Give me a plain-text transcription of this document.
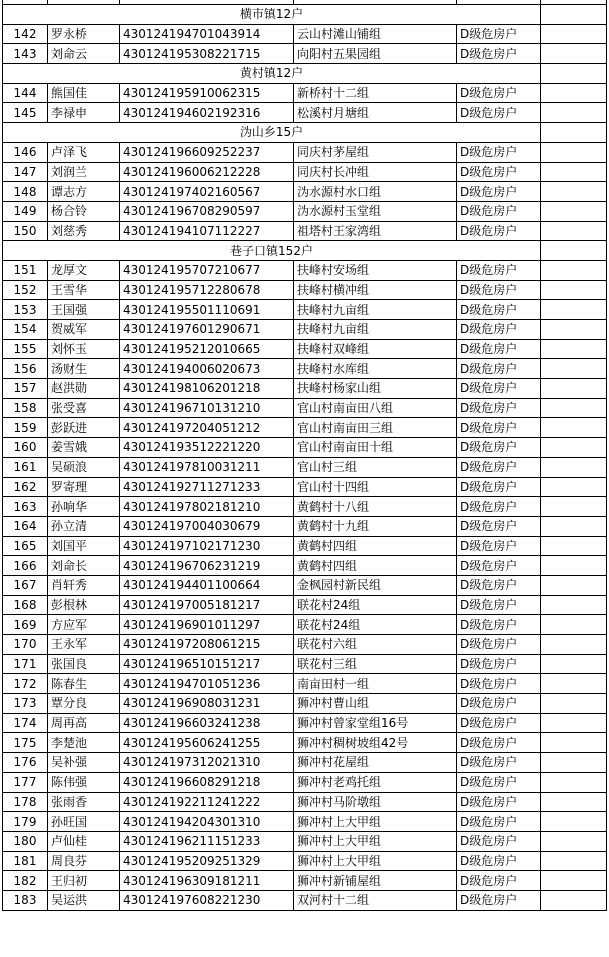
横市镇12户					
142	罗永桥	430124194701043914	云山村滩山铺组	D级危房户	
143	刘命云	430124195308221715	向阳村五果园组	D级危房户	
黄村镇12户					
144	熊国佳	430124195910062315	新桥村十二组	D级危房户	
145	李禄申	430124194602192316	松溪村月塘组	D级危房户	
沩山乡15户					
146	卢泽飞	430124196609252237	同庆村茅屋组	D级危房户	
147	刘润兰	430124196006212228	同庆村长冲组	D级危房户	
148	谭志方	430124197402160567	沩水源村水口组	D级危房户	
149	杨合铃	430124196708290597	沩水源村玉堂组	D级危房户	
150	刘慈秀	430124194107112227	祖塔村王家湾组	D级危房户	
巷子口镇152户					
151	龙厚文	430124195707210677	扶峰村安场组	D级危房户	
152	王雪华	430124195712280678	扶峰村横冲组	D级危房户	
153	王国强	430124195501110691	扶峰村九亩组	D级危房户	
154	贺威军	430124197601290671	扶峰村九亩组	D级危房户	
155	刘怀玉	430124195212010665	扶峰村双峰组	D级危房户	
156	汤财生	430124194006020673	扶峰村水库组	D级危房户	
157	赵洪勋	430124198106201218	扶峰村杨家山组	D级危房户	
158	张受喜	430124196710131210	官山村南亩田八组	D级危房户	
159	彭跃进	430124197204051212	官山村南亩田三组	D级危房户	
160	姜雪娥	430124193512221220	官山村南亩田十组	D级危房户	
161	吴硕浪	430124197810031211	官山村三组	D级危房户	
162	罗寄理	430124192711271233	官山村十四组	D级危房户	
163	孙响华	430124197802181210	黄鹤村十八组	D级危房户	
164	孙立清	430124197004030679	黄鹤村十九组	D级危房户	
165	刘国平	430124197102171230	黄鹤村四组	D级危房户	
166	刘命长	430124196706231219	黄鹤村四组	D级危房户	
167	肖轩秀	430124194401100664	金枫园村新民组	D级危房户	
168	彭根林	430124197005181217	联花村24组	D级危房户	
169	方应军	430124196901011297	联花村24组	D级危房户	
170	王永军	430124197208061215	联花村六组	D级危房户	
171	张国良	430124196510151217	联花村三组	D级危房户	
172	陈春生	430124194701051236	南亩田村一组	D级危房户	
173	覃分良	430124196908031231	狮冲村曹山组	D级危房户	
174	周再高	430124196603241238	狮冲村曾家堂组16号	D级危房户	
175	李楚池	430124195606241255	狮冲村稠树坡组42号	D级危房户	
176	吴补强	430124197312021310	狮冲村花屋组	D级危房户	
177	陈伟强	430124196608291218	狮冲村老鸡托组	D级危房户	
178	张雨香	430124192211241222	狮冲村马阶墩组	D级危房户	
179	孙旺国	430124194204301310	狮冲村上大甲组	D级危房户	
180	卢仙桂	430124196211151233	狮冲村上大甲组	D级危房户	
181	周良芬	430124195209251329	狮冲村上大甲组	D级危房户	
182	王归初	430124196309181211	狮冲村新铺屋组	D级危房户	
183	吴运洪	430124197608221230	双河村十二组	D级危房户	
